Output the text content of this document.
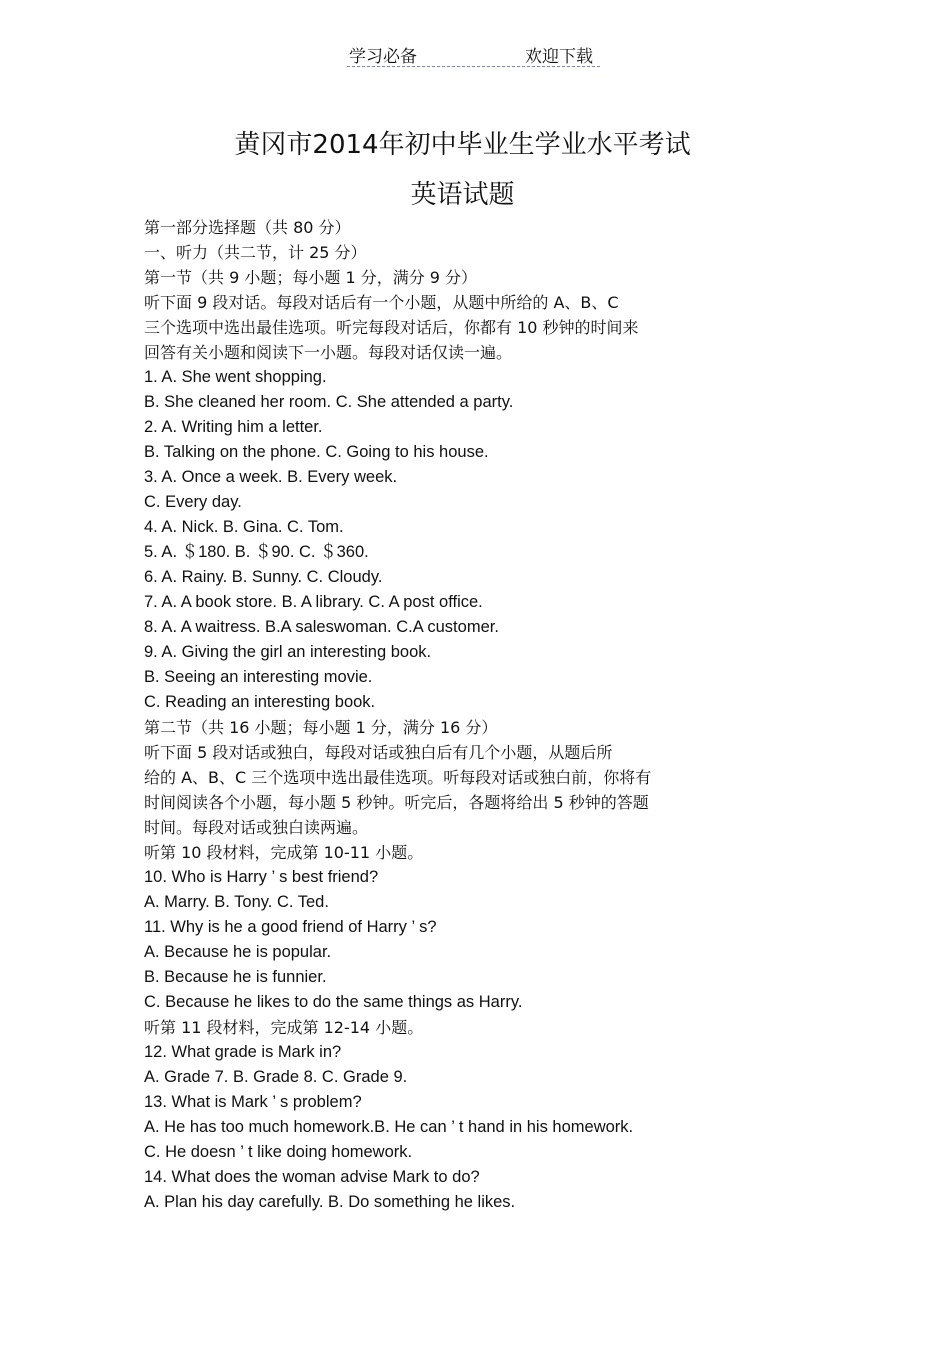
学习必备	欢迎下载
黄冈市2014年初中毕业生学业水平考试
英语试题
第一部分选择题（共 80 分）
一、听力（共二节，计 25 分）
第一节（共 9 小题；每小题 1 分，满分 9 分）
听下面 9 段对话。每段对话后有一个小题，从题中所给的 A、B、C
三个选项中选出最佳选项。听完每段对话后，你都有 10 秒钟的时间来
回答有关小题和阅读下一小题。每段对话仅读一遍。
1. A. She went shopping.
B. She cleaned her room. C. She attended a party.
2. A. Writing him a letter.
B. Talking on the phone. C. Going to his house.
3. A. Once a week. B. Every week.
C. Every day.
4. A. Nick. B. Gina. C. Tom.
5. A. ＄180. B. ＄90. C. ＄360.
6. A. Rainy. B. Sunny. C. Cloudy.
7. A. A book store. B. A library. C. A post office.
8. A. A waitress. B.A saleswoman. C.A customer.
9. A. Giving the girl an interesting book.
B. Seeing an interesting movie.
C. Reading an interesting book.
第二节（共 16 小题；每小题 1 分，满分 16 分）
听下面 5 段对话或独白，每段对话或独白后有几个小题，从题后所
给的 A、B、C 三个选项中选出最佳选项。听每段对话或独白前，你将有
时间阅读各个小题，每小题 5 秒钟。听完后，各题将给出 5 秒钟的答题
时间。每段对话或独白读两遍。
听第 10 段材料，完成第 10-11 小题。
10. Who is Harry ’ s best friend?
A. Marry. B. Tony. C. Ted.
11. Why is he a good friend of Harry ’ s?
A. Because he is popular.
B. Because he is funnier.
C. Because he likes to do the same things as Harry.
听第 11 段材料，完成第 12-14 小题。
12. What grade is Mark in?
A. Grade 7. B. Grade 8. C. Grade 9.
13. What is Mark ’ s problem?
A. He has too much homework.B. He can ’ t hand in his homework.
C. He doesn ’ t like doing homework.
14. What does the woman advise Mark to do?
A. Plan his day carefully. B. Do something he likes.
